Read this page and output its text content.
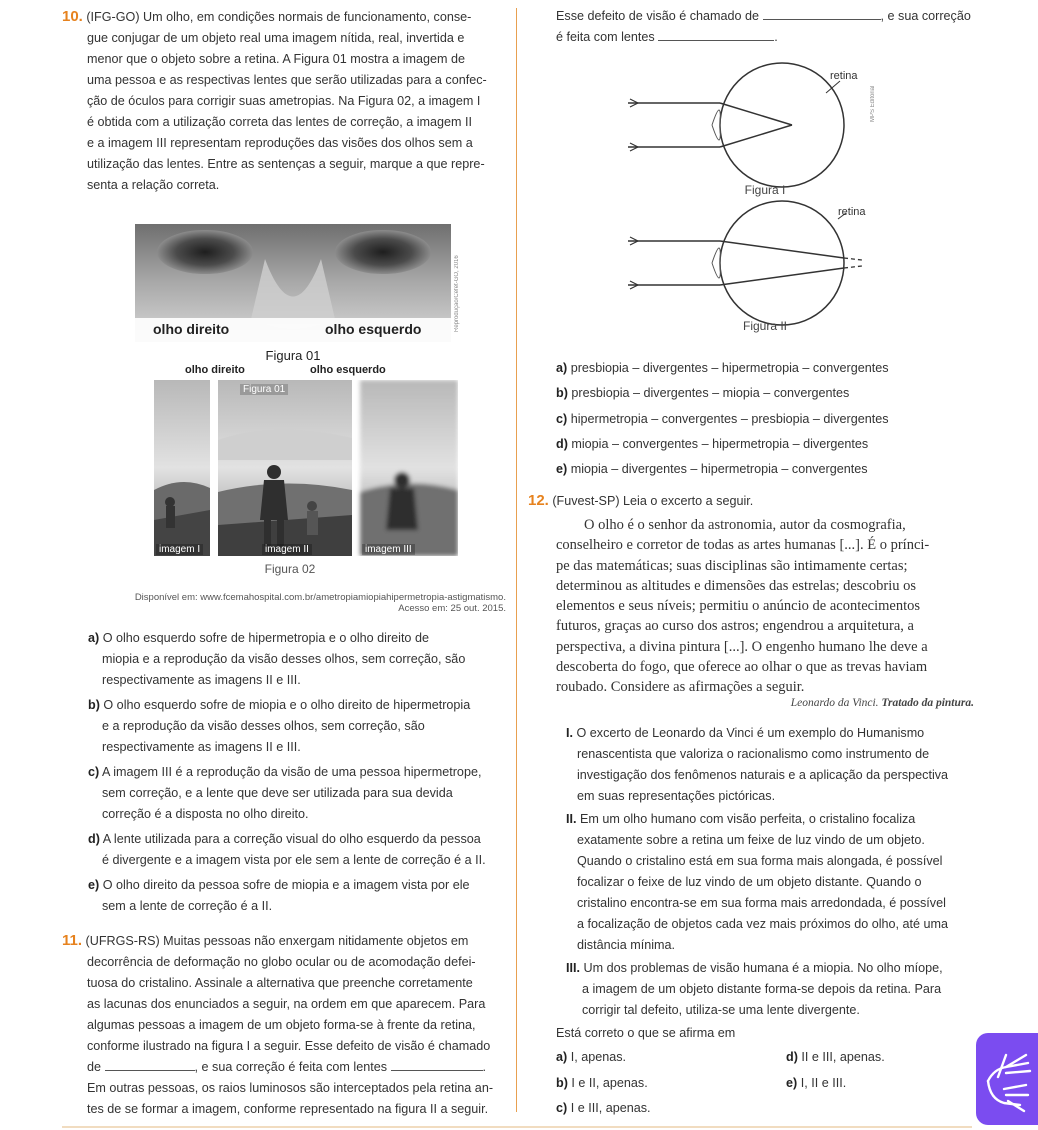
10. (IFG-GO) Um olho, em condições normais de funcionamento, conse-
gue conjugar de um objeto real uma imagem nítida, real, invertida e
menor que o objeto sobre a retina. A Figura 01 mostra a imagem de
uma pessoa e as respectivas lentes que serão utilizadas para a confec-
ção de óculos para corrigir suas ametropias. Na Figura 02, a imagem I
é obtida com a utilização correta das lentes de correção, a imagem II
e a imagem III representam reproduções das visões dos olhos sem a
utilização das lentes. Entre as sentenças a seguir, marque a que repre-
senta a relação correta.
olho direito	olho esquerdo	Reprodução/Cefet-GO, 2016
Figura 01
olho direito	olho esquerdo
Figura 01
imagem I	imagem II	imagem III
Figura 02
Disponível em: www.fcemahospital.com.br/ametropiamiopiahipermetropia-astigmatismo.
Acesso em: 25 out. 2015.
a) O olho esquerdo sofre de hipermetropia e o olho direito de
miopia e a reprodução da visão desses olhos, sem correção, são
respectivamente as imagens II e III.
b) O olho esquerdo sofre de miopia e o olho direito de hipermetropia
e a reprodução da visão desses olhos, sem correção, são
respectivamente as imagens II e III.
c) A imagem III é a reprodução da visão de uma pessoa hipermetrope,
sem correção, e a lente que deve ser utilizada para sua devida
correção é a disposta no olho direito.
d) A lente utilizada para a correção visual do olho esquerdo da pessoa
é divergente e a imagem vista por ele sem a lente de correção é a II.
e) O olho direito da pessoa sofre de miopia e a imagem vista por ele
sem a lente de correção é a II.
11. (UFRGS-RS) Muitas pessoas não enxergam nitidamente objetos em
decorrência de deformação no globo ocular ou de acomodação defei-
tuosa do cristalino. Assinale a alternativa que preenche corretamente
as lacunas dos enunciados a seguir, na ordem em que aparecem. Para
algumas pessoas a imagem de um objeto forma-se à frente da retina,
conforme ilustrado na figura I a seguir. Esse defeito de visão é chamado
de	, e sua correção é feita com lentes	.
Em outras pessoas, os raios luminosos são interceptados pela retina an-
tes de se formar a imagem, conforme representado na figura II a seguir.
Esse defeito de visão é chamado de	, e sua correção
é feita com lentes	.
retina
MPS Editorial
Figura I
retina
Figura II
a) presbiopia – divergentes – hipermetropia – convergentes
b) presbiopia – divergentes – miopia – convergentes
c) hipermetropia – convergentes – presbiopia – divergentes
d) miopia – convergentes – hipermetropia – divergentes
e) miopia – divergentes – hipermetropia – convergentes
12. (Fuvest-SP) Leia o excerto a seguir.
O olho é o senhor da astronomia, autor da cosmografia,
conselheiro e corretor de todas as artes humanas [...]. É o prínci-
pe das matemáticas; suas disciplinas são intimamente certas;
determinou as altitudes e dimensões das estrelas; descobriu os
elementos e seus níveis; permitiu o anúncio de acontecimentos
futuros, graças ao curso dos astros; engendrou a arquitetura, a
perspectiva, a divina pintura [...]. O engenho humano lhe deve a
descoberta do fogo, que oferece ao olhar o que as trevas haviam
roubado. Considere as afirmações a seguir.
Leonardo da Vinci. Tratado da pintura.
I. O excerto de Leonardo da Vinci é um exemplo do Humanismo
renascentista que valoriza o racionalismo como instrumento de
investigação dos fenômenos naturais e a aplicação da perspectiva
em suas representações pictóricas.
II. Em um olho humano com visão perfeita, o cristalino focaliza
exatamente sobre a retina um feixe de luz vindo de um objeto.
Quando o cristalino está em sua forma mais alongada, é possível
focalizar o feixe de luz vindo de um objeto distante. Quando o
cristalino encontra-se em sua forma mais arredondada, é possível
a focalização de objetos cada vez mais próximos do olho, até uma
distância mínima.
III. Um dos problemas de visão humana é a miopia. No olho míope,
a imagem de um objeto distante forma-se depois da retina. Para
corrigir tal defeito, utiliza-se uma lente divergente.
Está correto o que se afirma em
a) I, apenas.
b) I e II, apenas.
c) I e III, apenas.
d) II e III, apenas.
e) I, II e III.
